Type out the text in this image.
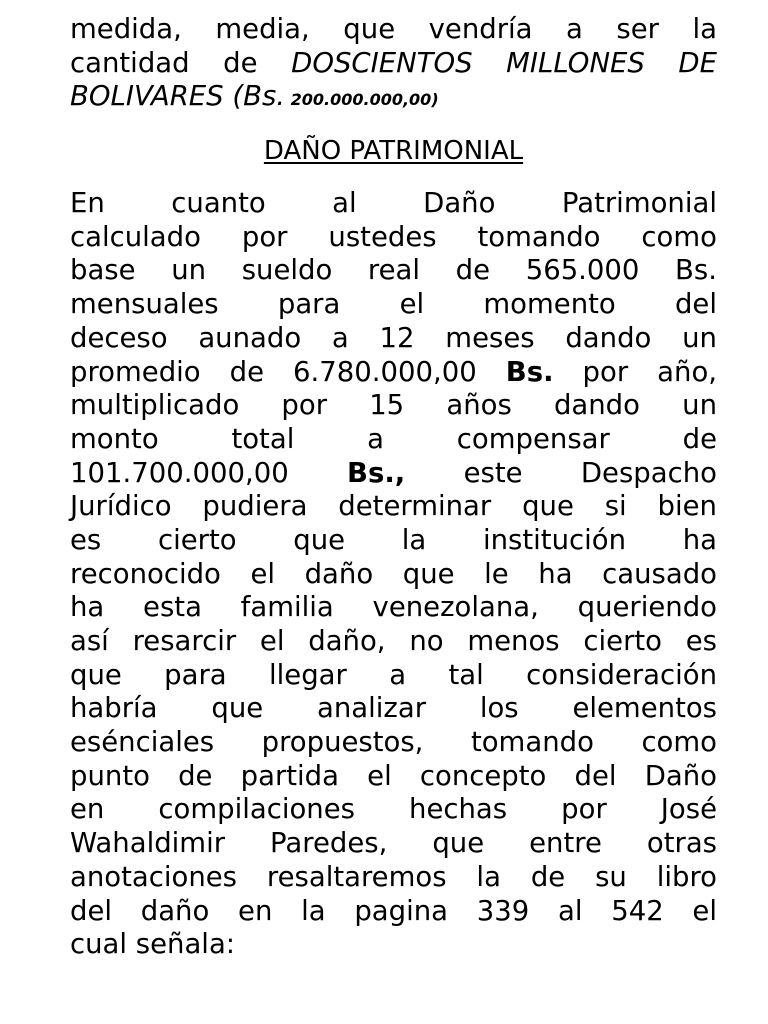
medida, media, que vendría a ser la
cantidad de DOSCIENTOS MILLONES DE
BOLIVARES (Bs. 200.000.000,00)
DAÑO PATRIMONIAL
En cuanto al Daño Patrimonial
calculado por ustedes tomando como
base un sueldo real de 565.000 Bs.
mensuales para el momento del
deceso aunado a 12 meses dando un
promedio de 6.780.000,00 Bs. por año,
multiplicado por 15 años dando un
monto total a compensar de
101.700.000,00 Bs., este Despacho
Jurídico pudiera determinar que si bien
es cierto que la institución ha
reconocido el daño que le ha causado
ha esta familia venezolana, queriendo
así resarcir el daño, no menos cierto es
que para llegar a tal consideración
habría que analizar los elementos
esénciales propuestos, tomando como
punto de partida el concepto del Daño
en compilaciones hechas por José
Wahaldimir Paredes, que entre otras
anotaciones resaltaremos la de su libro
del daño en la pagina 339 al 542 el
cual señala:
